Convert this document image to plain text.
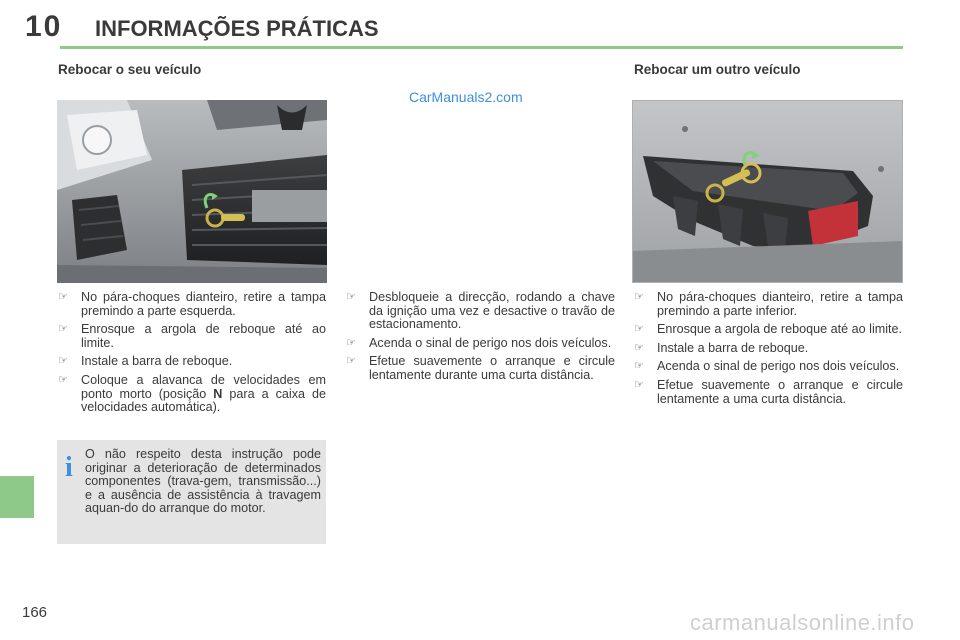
10 INFORMAÇÕES PRÁTICAS
Rebocar o seu veículo	Rebocar um outro veículo
CarManuals2.com
☞ No pára-choques dianteiro, retire a tampa premindo a parte esquerda.
☞ Enrosque a argola de reboque até ao limite.
☞ Instale a barra de reboque.
☞ Coloque a alavanca de velocidades em ponto morto (posição N para a caixa de velocidades automática).
☞ Desbloqueie a direcção, rodando a chave da ignição uma vez e desactive o travão de estacionamento.
☞ Acenda o sinal de perigo nos dois veículos.
☞ Efetue suavemente o arranque e circule lentamente durante uma curta distância.
☞ No pára-choques dianteiro, retire a tampa premindo a parte inferior.
☞ Enrosque a argola de reboque até ao limite.
☞ Instale a barra de reboque.
☞ Acenda o sinal de perigo nos dois veículos.
☞ Efetue suavemente o arranque e circule lentamente a uma curta distância.
i O não respeito desta instrução pode originar a deterioração de determinados componentes (trava-gem, transmissão...) e a ausência de assistência à travagem aquan-do do arranque do motor.
166	carmanualsonline.info
